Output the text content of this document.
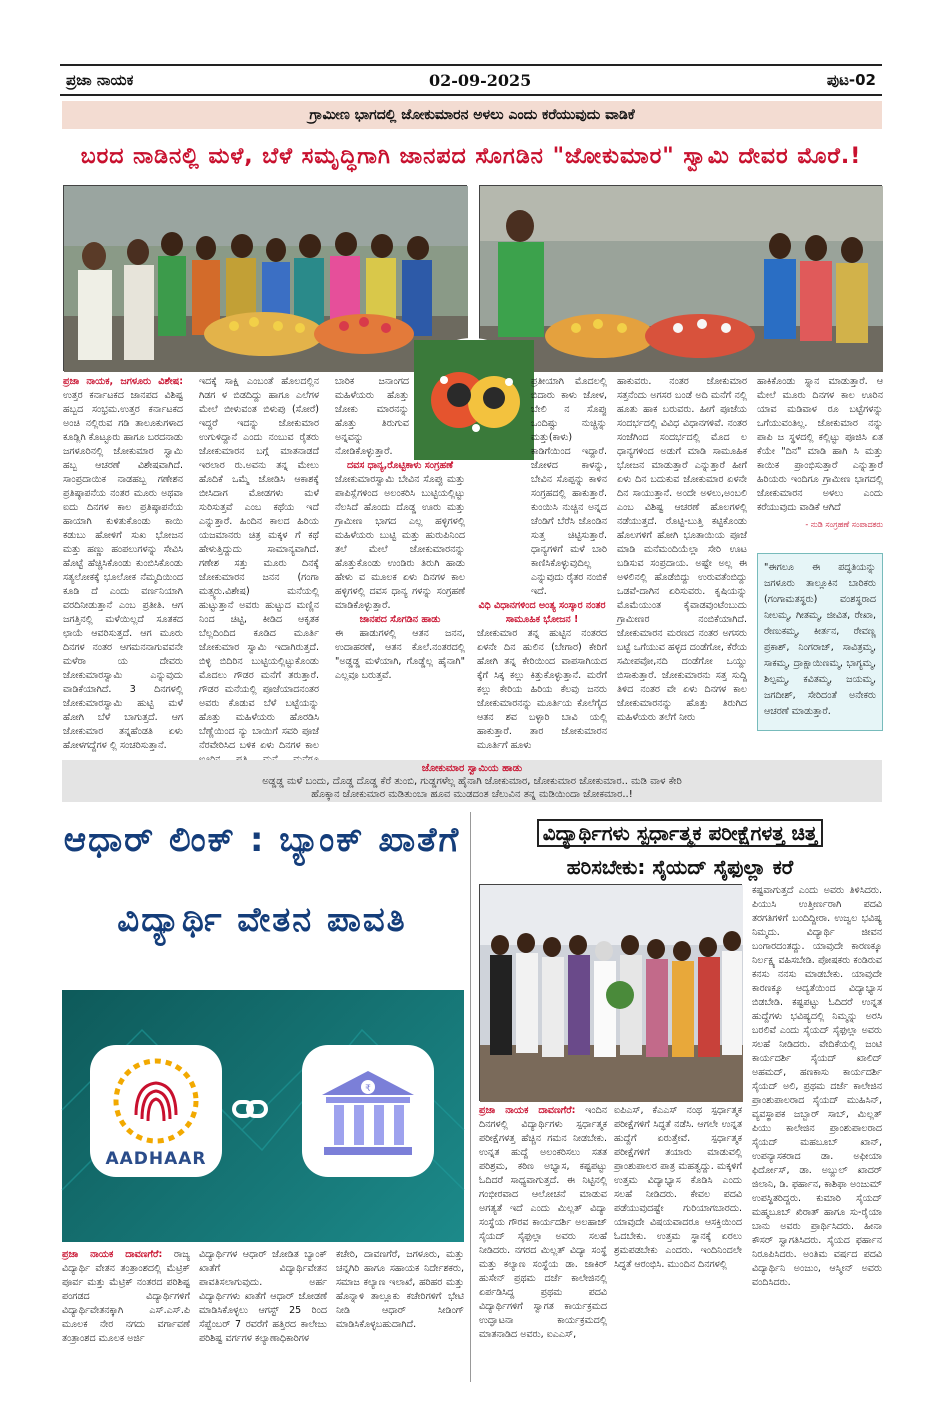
ಪ್ರಜಾ ನಾಯಕ	02-09-2025	ಪುಟ-02
ಗ್ರಾಮೀಣ ಭಾಗದಲ್ಲಿ ಜೋಕುಮಾರನ ಅಳಲು ಎಂದು ಕರೆಯುವುದು ವಾಡಿಕೆ
ಬರದ ನಾಡಿನಲ್ಲಿ ಮಳೆ, ಬೆಳೆ ಸಮೃದ್ಧಿಗಾಗಿ ಜಾನಪದ ಸೊಗಡಿನ "ಜೋಕುಮಾರ" ಸ್ವಾಮಿ ದೇವರ ಮೊರೆ.!
ಪ್ರಜಾ ನಾಯಕ, ಜಗಳೂರು ವಿಶೇಷ: ಉತ್ತರ ಕರ್ನಾಟಕದ ಜಾನಪದ ವಿಶಿಷ್ಟ ಹಬ್ಬದ ಸಂಭ್ರಮ.ಉತ್ತರ ಕರ್ನಾಟಕದ ಅಂಚಿ ನಲ್ಲಿರುವ ಗಡಿ ತಾಲೂಕುಗಳಾದ ಕೂಡ್ಲಿಗಿ ಕೊಟ್ಟೂರು ಹಾಗೂ ಬರದನಾಡು ಜಗಳೂರಿನಲ್ಲಿ ಜೋಕುಮಾರ ಸ್ವಾಮಿ ಹಬ್ಬ ಆಚರಣೆ ವಿಶೇಷವಾಗಿದೆ. ಸಾಂಪ್ರದಾಯಿಕ ನಾಡಹಬ್ಬ ಗಣೇಶನ ಪ್ರತಿಷ್ಠಾಪನೆಯ ನಂತರ ಮೂರು ಅಥವಾ ಐದು ದಿನಗಳ ಕಾಲ ಪ್ರತಿಷ್ಠಾಪನೆಯ ಹಾಯಾಗಿ ಕುಳಿತುಕೊಂಡು ಕಾಯಿ ಕಡುಬು ಹೋಳಿಗೆ ಸುಖ ಭೋಜನ ಮತ್ತು ಹಣ್ಣು ಹಂಪಲುಗಳನ್ನು ಸೇವಿಸಿ ಹೊಟ್ಟೆ ಹೆಚ್ಚಿಸಿಕೊಂಡು ಕುಂಬಿಸಿಕೊಂಡು ಸತ್ಯಲೋಕಕ್ಕೆ ಭೂಲೋಕ ನೆಮ್ಮದಿಯಿಂದ ಕೂಡಿ ದೆ ಎಂದು ವರ್ಣನಿಯಾಗಿ ವರದಿನೀಡುತ್ತಾನೆ ಎಂಬ ಪ್ರತೀತಿ. ಆಗ ಜಗತ್ತಿನಲ್ಲಿ ಮಳೆಯಿಲ್ಲದೆ ಸೂತಕದ ಛಾಯೆ ಆವರಿಸುತ್ತದೆ. ಆಗ ಮೂರು ದಿನಗಳ ನಂತರ ಆಗಮನನಾಗುವವನೇ ಮಳೆರಾ ಯ ದೇವರು ಜೋಕುಮಾರಸ್ವಾಮಿ ಎನ್ನುವುದು ವಾಡಿಕೆಯಾಗಿದೆ. 3 ದಿನಗಳಲ್ಲಿ ಜೋಕುಮಾರಸ್ವಾಮಿ ಹುಟ್ಟಿ ಮಳೆ ಹೋಗಿ ಬೆಳೆ ಬಾಗುತ್ತದೆ. ಆಗ ಜೋಕುಮಾರ ತನ್ನಹೆಂಡತಿ ಏಳು ಹೋಳಗದ್ದೆಗಳ ಲ್ಲಿ ಸಂಚರಿಸುತ್ತಾನೆ.
ಇದಕ್ಕೆ ಸಾಕ್ಷಿ ಎಂಬಂತೆ ಹೊಲದಲ್ಲಿನ ಗಿಡಗ ಳ ಬಿಡದಿದ್ದು ಹಾಗೂ ಎಲೆಗಳ ಮೇಲೆ ಬೀಳುವಂತ ಬಿಳುಪು (ಸೋರೆ) ಇದ್ದರೆ ಇದನ್ನು ಜೋಕುಮಾರ ಉಗುಳಿದ್ದಾನೆ ಎಂದು ನಂಬುವ ರೈತರು ಜೋಕುಮಾರನ ಬಗ್ಗೆ ಮಾತನಾಡದೆ ಇರಲಾರ ರು.ಅವನು ತನ್ನ ಮೇಲು ಹೊದಿಕೆ ಒಮ್ಮೆ ಜೋಡಿಸಿ ಆಕಾಶಕ್ಕೆ ಬೀಸಿದಾಗ ಮೋಡಗಳು ಮಳೆ ಸುರಿಸುತ್ತವೆ ಎಂಬ ಕಥೆಯ ಇದೆ ಎನ್ನುತ್ತಾರೆ. ಹಿಂದಿನ ಕಾಲದ ಹಿರಿಯ ಯಜಮಾನರು ಚಿತ್ರ ಮಕ್ಕಳ ಗೆ ಕಥೆ ಹೇಳುತ್ತಿದ್ದುದು ಸಾಮಾನ್ಯವಾಗಿದೆ. ಗಣೇಶ ಸತ್ತು ಮೂರು ದಿನಕ್ಕೆ ಜೋಕುಮಾರನ ಜನನ (ಗಂಗಾ ಮತ್ಸ್ಯರು.ವಿಶೇಷ) ಮನೆಯಲ್ಲಿ ಹುಟ್ಟುತ್ತಾನೆ ಅವರು ಹುಟ್ಟುದ ಮಣ್ಣಿನ ನಿಂದ ಚಿಟ್ಟಿ, ಕೀಡಿದ ಆಕೃತಕ ಬೆಲ್ಲದಿಂದಿದ ಕೂಡಿದ ಮೂರ್ತಿ ಜೋಕುಮಾರ ಸ್ವಾಮಿ ಇದಾಗಿರುತ್ತದೆ. ಬಿಳ್ಳಿ ಬಿದಿರಿನ ಬುಟ್ಟಿಯಲ್ಲಿಟ್ಟುಕೊಂಡು ಮೊದಲು ಗೌಡರ ಮನೆಗೆ ತರುತ್ತಾರೆ. ಗೌಡರ ಮನೆಯಲ್ಲಿ ಪೂಜೆಯಾದನಂತರ ಅವರು ಕೊಡುವ ಬೆಳೆ ಬಟ್ಟೆಯನ್ನು ಹೊತ್ತು ಮಹಿಳೆಯರು ಹೊರಡಿಸಿ ಬೆಣ್ಣೆಯಿಂದ ನ್ಯು ಬಾಯಿಗೆ ಸವರಿ ಪೂಜೆ ನೆರವೇರಿಸಿದ ಬಳಿಕ ಏಳು ದಿನಗಳ ಕಾಲ
ಬಾರಿಕ ಜನಾಂಗದ ಮಹಿಳೆಯರು ಹೊತ್ತು ಜೋಕು ಮಾರನನ್ನು ಹೊತ್ತು ತಿರುಗುವ ಅನ್ನವನ್ನು ನೋಡಿಕೊಳ್ಳುತ್ತಾರೆ.
ದವಸ ಧಾನ್ಯ,ರೊಟ್ಟಿಕಾಳು ಸಂಗ್ರಹಣೆ
ಜೋಕುಮಾರಸ್ವಾಮಿ ಬೇವಿನ ಸೊಪ್ಪು ಮತ್ತು ಪಾಪಿಸ್ಲೆಗಳಿಂದ ಅಲಂಕರಿಸಿ ಬುಟ್ಟಿಯಲ್ಲಿಟ್ಟು ನೆಲಸಿದೆ ಹೊಂದು ದೊಡ್ಡ ಊರು ಮತ್ತು ಗ್ರಾಮೀಣ ಭಾಗದ ಎಲ್ಲ ಹಳ್ಳಿಗಳಲ್ಲಿ ಮಹಿಳೆಯರು ಬುಟ್ಟಿ ಮತ್ತು ಹುರುಪಿನಿಂದ ತಲೆ ಮೇಲೆ ಜೋಕುಮಾರನನ್ನು ಹೊತ್ತುಕೊಂಡು ಉಂಡಿರು ತಿರುಗಿ ಹಾಡು ಹೇಳು ವ ಮೂಲಕ ಏಳು ದಿನಗಳ ಕಾಲ ಹಳ್ಳಿಗಳಲ್ಲಿ ದವಸ ಧಾನ್ಯ ಗಳನ್ನು ಸಂಗ್ರಹಣೆ ಮಾಡಿಕೊಳ್ಳುತ್ತಾರೆ.
ಜಾನಪದ ಸೊಗಡಿನ ಹಾಡು
ಈ ಹಾಡುಗಳಲ್ಲಿ ಆತನ ಜನನ, ಉದಾಹರಣೆ, ಆತನ ಕೊಲೆ.ನಂತರದಲ್ಲಿ "ಅಡ್ಡಡ್ಡ ಮಳೆಯಾಗಿ, ಗೊಡ್ಡೆಲ್ಲ ಹೈನಾಗಿ" ಎಲ್ಲವೂ ಬರುತ್ತವೆ.
ಪ್ರತೀಯಾಗಿ ಮೊದಲಲ್ಲಿ ಬಿದಾರು ಕಾಳು ಜೋಳ, ಬೇಲಿ ನ ಸೊಪ್ಪು ಒಂದಿಷ್ಟು ನುಚ್ಚಿನ್ನು ಮತ್ತು(ಕಾಳು) ಕಾಡಿಗೆಯಿಂದ ಇದ್ದಾರೆ. ಜೋಳದ ಕಾಳನ್ನು, ಬೇವಿನ ಸೊಪ್ಪನ್ನು ಕಾಳಿನ ಸಂಗ್ರಹದಲ್ಲಿ ಹಾಕುತ್ತಾರೆ. ಕುಂಯಿಸಿ ನುಚ್ಚಿನ ಅನ್ನದ ಚೆಂಡಿಗೆ ಬೆರೆಸಿ ಜೊಂಡಿನ ಸುತ್ತ ಚಿಟ್ಟಿಸುತ್ತಾರೆ. ಧಾನ್ಯಗಳಿಗೆ ಮಳೆ ಬಾರಿ ಕಾಣಿಸಿಕೊಳ್ಳುವುದಿಲ್ಲ ಎನ್ನುವುದು ರೈತರ ನಂಬಿಕೆ ಇದೆ.
ವಿಧಿ ವಿಧಾನಗಳಿಂದ ಅಂತ್ಯ ಸಂಸ್ಕಾರ ನಂತರ ಸಾಮೂಹಿಕ ಭೋಜನ !
ಜೋಕುಮಾರ ತನ್ನ ಹುಟ್ಟಿನ ನಂತರದ ಏಳನೇ ದಿನ ಹುಲಿನ (ಬೇಗಾರ) ಕೇರಿಗೆ ಹೋಗಿ ತನ್ನ ಕೇರಿಯಿಂದ ವಾಪಸಾಗಿಯದ ಕ್ಕೆಗೆ ಸಿಕ್ಕ ಕಲ್ಲು ಕಿತ್ತುಕೊಳ್ಳುತ್ತಾನೆ. ಮರೆಗೆ ಕಲ್ಲು ಕೇರಿಯ ಹಿರಿಯ ಕೆಲವು ಜನರು ಜೋಕುಮಾರನನ್ನು ಮೂರ್ತಿಯ ಕೊಲೆಗೈದ ಆತನ ಶವ ಬಳ್ಳಾರಿ ಬಾವಿ ಯಲ್ಲಿ ಹಾಕುತ್ತಾರೆ. ತಾರ ಜೋಕುಮಾರನ ಮೂರ್ತಿಗೆ ಹೂಳು
ಹಾಕುವರು. ನಂತರ ಜೋಕುಮಾರ ಸತ್ತನೆಂದು ಅಗಸರ ಬಂಡೆ ಅದಿ ಮನೆಗೆ ನಲ್ಲಿ ಹೂತು ಹಾಕ ಬರುವರು. ಹೀಗೆ ಪೂಜೆಯ ಸಂದರ್ಭದಲ್ಲಿ ವಿವಿಧ ವಿಧಾನಗಳಿವೆ. ನಂತರ ಸಂಜೆಗಿಂದ ಸಂದರ್ಭದಲ್ಲಿ ಮೊದ ಲ ಧಾನ್ಯಗಳಿಂದ ಅಡುಗೆ ಮಾಡಿ ಸಾಮೂಹಿಕ ಭೋಜನ ಮಾಡುತ್ತಾರೆ ಎನ್ನುತ್ತಾರೆ ಹೀಗೆ ಏಳು ದಿನ ಬದುಕುವ ಜೋಕುಮಾರ ಏಳನೇ ದಿನ ಸಾಯುತ್ತಾನೆ. ಅಂದೇ ಅಳಲು,ಅಂಬಲಿ ಎಂಬ ವಿಶಿಷ್ಟ ಆಚರಣೆ ಹೊಲಗಳಲ್ಲಿ ನಡೆಯುತ್ತದೆ. ರೊಟ್ಟಿ-ಬುತ್ತಿ ಕಟ್ಟಿಕೊಂಡು ಹೊಲಗಳಿಗೆ ಹೋಗಿ ಭೂತಾಯಿಯ ಪೂಜೆ ಮಾಡಿ ಮನೆಮಂದಿಯೆಲ್ಲಾ ಸೇರಿ ಊಟ ಬಡಿಸುವ ಸಂಪ್ರದಾಯ. ಅಷ್ಟೇ ಅಲ್ಲ ಈ ಅಳಲಿನಲ್ಲಿ ಹೊಡೆಬಿದ್ದು ಉರುವತೆಂಬಿದ್ದು ಒಡವೆ-ದಾಗಿನ ಏರಿಸುವರು. ಕೃಷಿಯನ್ನು ಮೊಮೆಯುಂತ ಕೈವಾಡವುಂಟೆಂಬುದು ಗ್ರಾಮೀಣರ ನಂಬಿಕೆಯಾಗಿದೆ. ಜೋಕುಮಾರನ ಮರಣದ ನಂತರ ಅಗಸರು ಬಟ್ಟೆ ಒಗೆಯುವ ಹಳ್ಳದ ದಂಡೆಗೋ, ಕೆರೆಯ ಸಮೀಪವೋ,ನದಿ ದಂಡೆಗೋ ಒಯ್ದು ಬಿಸಾಕುತ್ತಾರೆ. ಜೋಕುಮಾರನು ಸತ್ತ ಸುದ್ದಿ ತಿಳಿದ ನಂತರ ವೇ ಏಳು ದಿನಗಳ ಕಾಲ ಜೋಕುಮಾರನನ್ನು ಹೊತ್ತು ತಿರುಗಿದ ಮಹಿಳೆಯರು ತಲೆಗೆ ನೀರು
ಹಾಕಿಕೊಂಡು ಸ್ನಾನ ಮಾಡುತ್ತಾರೆ. ಆ ಮೇಲೆ ಮೂರು ದಿನಗಳ ಕಾಲ ಊರಿನ ಯಾವ ಮಡಿವಾಳ ರೂ ಬಟ್ಟೆಗಳನ್ನು ಒಗೆಯುವಂತಿಲ್ಲ. ಜೋಕುಮಾರ ನನ್ನು ಪಾಪಿ ಜ ಸ್ಥಳದಲ್ಲಿ ಕಲ್ಲಿಟ್ಟು ಪೂಜಿಸಿ ಏತ ಕೆಯೇ "ದಿನ" ಮಾಡಿ ಹಾಗಿ ಸಿ ಮತ್ತು ಕಾಯಿಕ ಪ್ರಾಂಭಿಸುತ್ತಾರೆ ಎನ್ನುತ್ತಾರೆ ಹಿರಿಯರು ಇಂದಿಗೂ ಗ್ರಾಮೀಣ ಭಾಗದಲ್ಲಿ ಜೋಕುಮಾರನ ಅಳಲು ಎಂದು ಕರೆಯುವುದು ವಾಡಿಕೆ ಆಗಿದೆ
- ನುಡಿ ಸಂಗ್ರಹಣೆ ಸಂಪಾದಕರು
"ಈಗಲೂ ಈ ಪದ್ಧತಿಯನ್ನು ಜಗಳೂರು ತಾಲ್ಲೂಕಿನ ಬಾರಿಕರು (ಗಂಗಾಮತಸ್ಥರು) ವಂಶಸ್ಥರಾದ ನೀಲಮ್ಮ, ಗೀತಮ್ಮ, ಜೀವಿತ, ರೇಖಾ, ರೇಣುಕಮ್ಮ, ಕೀರ್ತನ, ರೇವಣ್ಣ ಪ್ರಕಾಶ್, ನಿಂಗರಾಜ್, ಸಾವಿತ್ರಮ್ಮ, ಸಾಕಮ್ಮ, ದ್ರಾಕ್ಷಾಯಿಣಮ್ಮ, ಭಾಗ್ಯಮ್ಮ, ಶಿಲ್ಪಮ್ಮ, ಕವಿತಮ್ಮ, ಜಯಮ್ಮ, ಜಗದೀಶ್, ಸೇರಿದಂತೆ ಅನೇಕರು ಆಚರಣೆ ಮಾಡುತ್ತಾರೆ.
ಜೋಕುಮಾರ ಸ್ವಾಮಿಯ ಹಾಡು
ಅಡ್ಡಡ್ಡ ಮಳೆ ಬಂದು, ದೊಡ್ಡ ದೊಡ್ಡ ಕೆರೆ ತುಂಬಿ, ಗುಡ್ಡಗಳೆಲ್ಲ ಹೈನಾಗಿ ಜೋಕುಮಾರ, ಜೋಕುಮಾರ ಜೋಕುಮಾರ.. ಮಡಿ ವಾಳ ಕೇರಿ
ಹೊಕ್ಕಾನ ಜೋಕುಮಾರ ಮಡಿತುಂಬಾ ಹೂವ ಮುಡದಂತ ಚೆಲುವಿನ ತನ್ನ ಮಡಿಯಿಂದಾ ಜೋಕಮಾರ..!
ಆಧಾರ್ ಲಿಂಕ್ : ಬ್ಯಾಂಕ್ ಖಾತೆಗೆ
ವಿದ್ಯಾರ್ಥಿ ವೇತನ ಪಾವತಿ
AADHAAR
₹
ಪ್ರಜಾ ನಾಯಕ ದಾವಣಗೆರೆ: ರಾಜ್ಯ ವಿದ್ಯಾರ್ಥಿ ವೇತನ ತಂತ್ರಾಂಶದಲ್ಲಿ ಮೆಟ್ರಿಕ್ ಪೂರ್ವ ಮತ್ತು ಮೆಟ್ರಿಕ್ ನಂತರದ ಪರಿಶಿಷ್ಟ ಪಂಗಡದ ವಿದ್ಯಾರ್ಥಿಗಳಿಗೆ ವಿದ್ಯಾರ್ಥಿವೇತನಕ್ಕಾಗಿ ಎಸ್.ಎಸ್.ಪಿ ಮೂಲಕ ನೇರ ನಗದು ವರ್ಗಾವಣೆ ತಂತ್ರಾಂಶದ ಮೂಲಕ ಅರ್ಜಿ
ವಿದ್ಯಾರ್ಥಿಗಳ ಆಧಾರ್ ಜೋಡಿತ ಬ್ಯಾಂಕ್ ಖಾತೆಗೆ ವಿದ್ಯಾರ್ಥಿವೇತನ ಪಾವತಿಸಲಾಗುವುದು. ಅರ್ಹ ವಿದ್ಯಾರ್ಥಿಗಳು ಖಾತೆಗೆ ಆಧಾರ್ ಜೋಡಣೆ ಮಾಡಿಸಿಕೊಳ್ಳಲು ಆಗಸ್ಟ್ 25 ರಿಂದ ಸೆಪ್ಟೆಂಬರ್ 7 ರವರೆಗೆ ಹತ್ತಿರದ ಕಾಲೇಜು ಪರಿಶಿಷ್ಟ ವರ್ಗಗಳ ಕಲ್ಯಾಣಾಧಿಕಾರಿಗಳ
ಕಚೇರಿ, ದಾವಣಗೆರೆ, ಜಗಳೂರು, ಮತ್ತು ಚನ್ನಗಿರಿ ಹಾಗೂ ಸಹಾಯಕ ನಿರ್ದೇಶಕರು, ಸಮಾಜ ಕಲ್ಯಾಣ ಇಲಾಖೆ, ಹರಿಹರ ಮತ್ತು ಹೊನ್ನಾಳಿ ತಾಲ್ಲೂಕು ಕಚೇರಿಗಳಿಗೆ ಭೇಟಿ ನೀಡಿ ಆಧಾರ್ ಸೀಡಿಂಗ್ ಮಾಡಿಸಿಕೊಳ್ಳಬಹುದಾಗಿದೆ.
ವಿದ್ಯಾರ್ಥಿಗಳು ಸ್ಪರ್ಧಾತ್ಮಕ ಪರೀಕ್ಷೆಗಳತ್ತ ಚಿತ್ತ
ಹರಿಸಬೇಕು: ಸೈಯದ್ ಸೈಫುಲ್ಲಾ ಕರೆ
ಪ್ರಜಾ ನಾಯಕ ದಾವಣಗೆರೆ: ಇಂದಿನ ದಿನಗಳಲ್ಲಿ ವಿದ್ಯಾರ್ಥಿಗಳು ಸ್ಪರ್ಧಾತ್ಮಕ ಪರೀಕ್ಷೆಗಳತ್ತ ಹೆಚ್ಚಿನ ಗಮನ ನೀಡಬೇಕು. ಉನ್ನತ ಹುದ್ದೆ ಅಲಂಕರಿಸಲು ಸತತ ಪರಿಶ್ರಮ, ಕಠಿಣ ಅಭ್ಯಾಸ, ಕಷ್ಟಪಟ್ಟು ಓದಿದರೆ ಸಾಧ್ಯವಾಗುತ್ತದೆ. ಈ ನಿಟ್ಟಿನಲ್ಲಿ ಗಂಭೀರವಾದ ಆಲೋಚನೆ ಮಾಡುವ ಅಗತ್ಯತೆ ಇದೆ ಎಂದು ಮಿಲ್ಲತ್ ವಿದ್ಯಾ ಸಂಸ್ಥೆಯ ಗೌರವ ಕಾರ್ಯದರ್ಶಿ ಅಲಹಾಜ್ ಸೈಯದ್ ಸೈಫುಲ್ಲಾ ಅವರು ಸಲಹೆ ನೀಡಿದರು. ನಗರದ ಮಿಲ್ಲತ್ ವಿದ್ಯಾ ಸಂಸ್ಥೆ ಮತ್ತು ಕಲ್ಯಾಣ ಸಂಸ್ಥೆಯ ಡಾ. ಜಾಕಿರ್ ಹುಸೇನ್ ಪ್ರಥಮ ದರ್ಜೆ ಕಾಲೇಜಿನಲ್ಲಿ ಏರ್ಪಡಿಸಿದ್ದ ಪ್ರಥಮ ಪದವಿ ವಿದ್ಯಾರ್ಥಿಗಳಿಗೆ ಸ್ವಾಗತ ಕಾರ್ಯಕ್ರಮದ ಉದ್ಘಾಟನಾ ಕಾರ್ಯಕ್ರಮದಲ್ಲಿ ಮಾತನಾಡಿದ ಅವರು, ಐಎಎಸ್,
ಐಪಿಎಸ್, ಕೆಎಎಸ್ ನಂಥ ಸ್ಪರ್ಧಾತ್ಮಕ ಪರೀಕ್ಷೆಗಳಿಗೆ ಸಿದ್ಧತೆ ನಡೆಸಿ. ಆಗಲೇ ಉನ್ನತ ಹುದ್ದೆಗೆ ಏರುತ್ತೇವೆ. ಸ್ಪರ್ಧಾತ್ಮಕ ಪರೀಕ್ಷೆಗಳಿಗೆ ತಯಾರು ಮಾಡುವಲ್ಲಿ ಪ್ರಾಂಶುಪಾಲರ ಪಾತ್ರ ಮಹತ್ವದ್ದು. ಮಕ್ಕಳಿಗೆ ಉತ್ತಮ ವಿದ್ಯಾಭ್ಯಾಸ ಕೊಡಿಸಿ ಎಂದು ಸಲಹೆ ನೀಡಿದರು. ಕೇವಲ ಪದವಿ ಪಡೆಯುವುದಷ್ಟೇ ಗುರಿಯಾಗಬಾರದು. ಯಾವುದೇ ವಿಷಯವಾದರೂ ಆಸಕ್ತಿಯಿಂದ ಓದಬೇಕು. ಉತ್ತಮ ಸ್ಥಾನಕ್ಕೆ ಏರಲು ಶ್ರಮಪಡಬೇಕು ಎಂದರು. ಇಂದಿನಿಂದಲೇ ಸಿದ್ಧತೆ ಆರಂಭಿಸಿ. ಮುಂದಿನ ದಿನಗಳಲ್ಲಿ
ಕಷ್ಟವಾಗುತ್ತದೆ ಎಂದು ಅವರು ತಿಳಿಸಿದರು. ಪಿಯುಸಿ ಉತ್ತೀರ್ಣರಾಗಿ ಪದವಿ ತರಗತಿಗಳಿಗೆ ಬಂದಿದ್ದೀರಾ. ಉಜ್ವಲ ಭವಿಷ್ಯ ನಿಮ್ಮದು. ವಿದ್ಯಾರ್ಥಿ ಜೀವನ ಬಂಗಾರದಂತದ್ದು. ಯಾವುದೇ ಕಾರಣಕ್ಕೂ ನಿರ್ಲಕ್ಷ್ಯ ವಹಿಸಬೇಡಿ. ಪೋಷಕರು ಕಂಡಿರುವ ಕನಸು ನನಸು ಮಾಡಬೇಕು. ಯಾವುದೇ ಕಾರಣಕ್ಕೂ ಆದ್ಯತೆಯಿಂದ ವಿದ್ಯಾಭ್ಯಾಸ ಬಿಡಬೇಡಿ. ಕಷ್ಟಪಟ್ಟು ಓದಿದರೆ ಉನ್ನತ ಹುದ್ದೆಗಳು ಭವಿಷ್ಯದಲ್ಲಿ ನಿಮ್ಮನ್ನು ಅರಸಿ ಬರಲಿವೆ ಎಂದು ಸೈಯದ್ ಸೈಫುಲ್ಲಾ ಅವರು ಸಲಹೆ ನೀಡಿದರು. ವೇದಿಕೆಯಲ್ಲಿ ಜಂಟಿ ಕಾರ್ಯದರ್ಶಿ ಸೈಯದ್ ಖಾಲಿದ್ ಅಹಮದ್, ಹಣಕಾಸು ಕಾರ್ಯದರ್ಶಿ ಸೈಯದ್ ಅಲಿ, ಪ್ರಥಮ ದರ್ಜೆ ಕಾಲೇಜಿನ ಪ್ರಾಂಶುಪಾಲರಾದ ಸೈಯದ್ ಮುಹಿಸಿನ್, ವ್ಯವಸ್ಥಾಪಕ ಜಬ್ಬಾರ್ ಸಾಬ್, ಮಿಲ್ಲತ್ ಪಿಯು ಕಾಲೇಜಿನ ಪ್ರಾಂಶುಪಾಲರಾದ ಸೈಯದ್ ಮಹಬೂಬ್ ಖಾನ್, ಉಪನ್ಯಾಸಕರಾದ ಡಾ. ಅಫೀಯಾ ಫಿರ್ದೋಸ್, ಡಾ. ಅಬ್ದುಲ್ ಖಾದರ್ ಜಿಲಾನಿ, ಡಿ. ಫರ್ಹಾನ, ಕಾಶಿಫಾ ಅಂಜುಮ್ ಉಪಸ್ಥಿತರಿದ್ದರು. ಕುಮಾರಿ ಸೈಯದ್ ಮಹ್ಮಬೂಬ್ ಖಿರಾತ್ ಹಾಗೂ ಸು-ರೈಯಾ ಬಾನು ಅವರು ಪ್ರಾರ್ಥಿಸಿದರು. ಹೀನಾ ಕೌಸರ್ ಸ್ವಾಗತಿಸಿದರು. ಸೈಯದ ಫರ್ಹಾನ ನಿರೂಪಿಸಿದರು. ಅಂತಿಮ ವರ್ಷದ ಪದವಿ ವಿದ್ಯಾರ್ಥಿನಿ ಅಂಜುಂ, ಆಸ್ಮೀನ್ ಅವರು ವಂದಿಸಿದರು.
